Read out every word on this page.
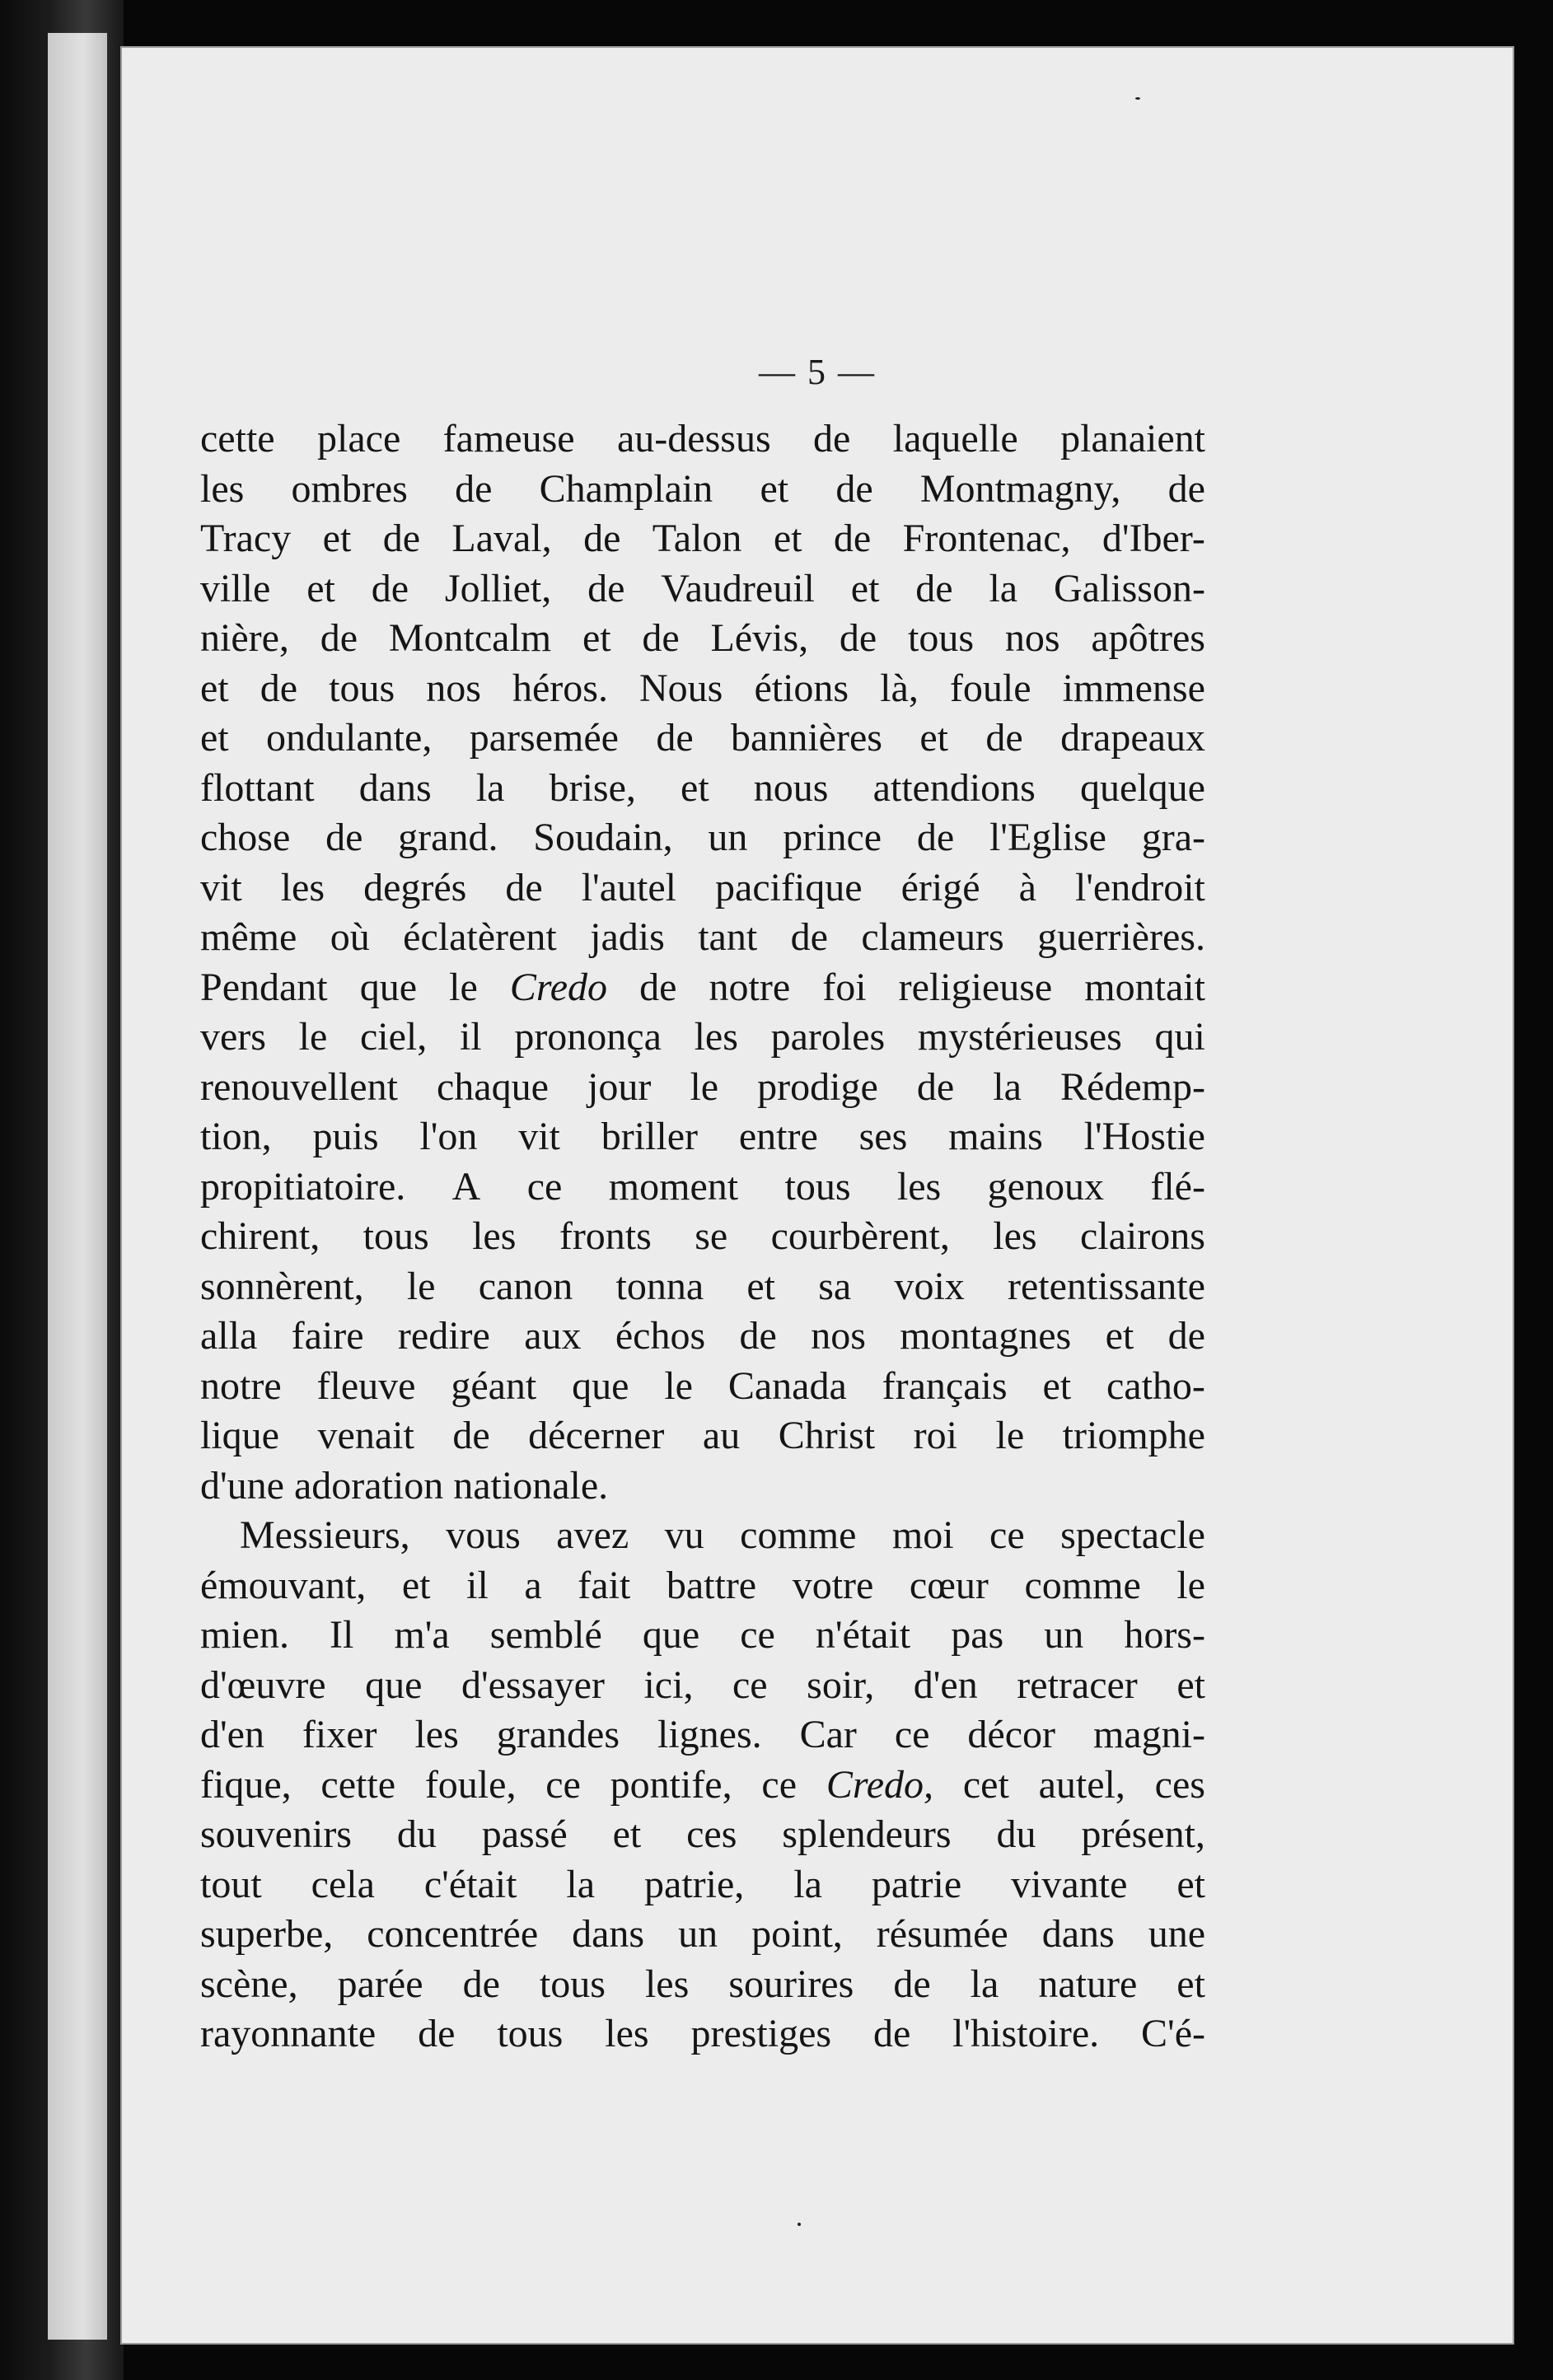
— 5 —
cette place fameuse au-dessus de laquelle planaient
les ombres de Champlain et de Montmagny, de
Tracy et de Laval, de Talon et de Frontenac, d'Iber-
ville et de Jolliet, de Vaudreuil et de la Galisson-
nière, de Montcalm et de Lévis, de tous nos apôtres
et de tous nos héros. Nous étions là, foule immense
et ondulante, parsemée de bannières et de drapeaux
flottant dans la brise, et nous attendions quelque
chose de grand. Soudain, un prince de l'Eglise gra-
vit les degrés de l'autel pacifique érigé à l'endroit
même où éclatèrent jadis tant de clameurs guerrières.
Pendant que le Credo de notre foi religieuse montait
vers le ciel, il prononça les paroles mystérieuses qui
renouvellent chaque jour le prodige de la Rédemp-
tion, puis l'on vit briller entre ses mains l'Hostie
propitiatoire. A ce moment tous les genoux flé-
chirent, tous les fronts se courbèrent, les clairons
sonnèrent, le canon tonna et sa voix retentissante
alla faire redire aux échos de nos montagnes et de
notre fleuve géant que le Canada français et catho-
lique venait de décerner au Christ roi le triomphe
d'une adoration nationale.
Messieurs, vous avez vu comme moi ce spectacle
émouvant, et il a fait battre votre cœur comme le
mien. Il m'a semblé que ce n'était pas un hors-
d'œuvre que d'essayer ici, ce soir, d'en retracer et
d'en fixer les grandes lignes. Car ce décor magni-
fique, cette foule, ce pontife, ce Credo, cet autel, ces
souvenirs du passé et ces splendeurs du présent,
tout cela c'était la patrie, la patrie vivante et
superbe, concentrée dans un point, résumée dans une
scène, parée de tous les sourires de la nature et
rayonnante de tous les prestiges de l'histoire. C'é-
